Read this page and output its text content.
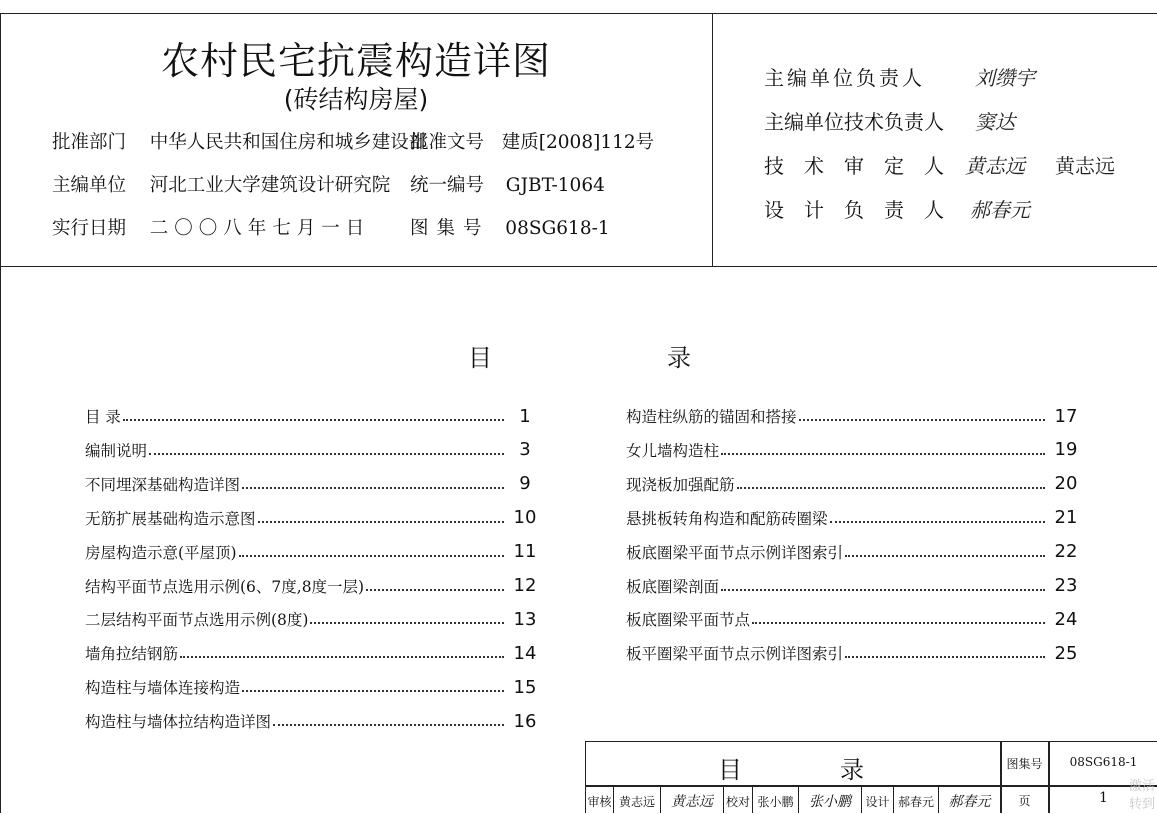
农村民宅抗震构造详图
(砖结构房屋)
批准部门 中华人民共和国住房和城乡建设部
批准文号 建质[2008]112号
主编单位 河北工业大学建筑设计研究院 统一编号 GJBT-1064
实行日期 二〇〇八年七月一日 图集号 08SG618-1
主编单位负责人	刘缵宇
主编单位技术负责人 窦达
技术审定人 黄志远 黄志远
设计负责人 郝春元
目	录
目 录	1
编制说明	3
不同埋深基础构造详图	9
无筋扩展基础构造示意图	10
房屋构造示意(平屋顶)	11
结构平面节点选用示例(6、7度,8度一层)	12
二层结构平面节点选用示例(8度)	13
墙角拉结钢筋	14
构造柱与墙体连接构造	15
构造柱与墙体拉结构造详图	16
构造柱纵筋的锚固和搭接	17
女儿墙构造柱	19
现浇板加强配筋	20
悬挑板转角构造和配筋砖圈梁	21
板底圈梁平面节点示例详图索引	22
板底圈梁剖面	23
板底圈梁平面节点	24
板平圈梁平面节点示例详图索引	25
目	录	图集号	08SG618-1
页	1
审核 黄志远	黄志远	校对 张小鹏	张小鹏	设计 郝春元	郝春元
激活
转到
